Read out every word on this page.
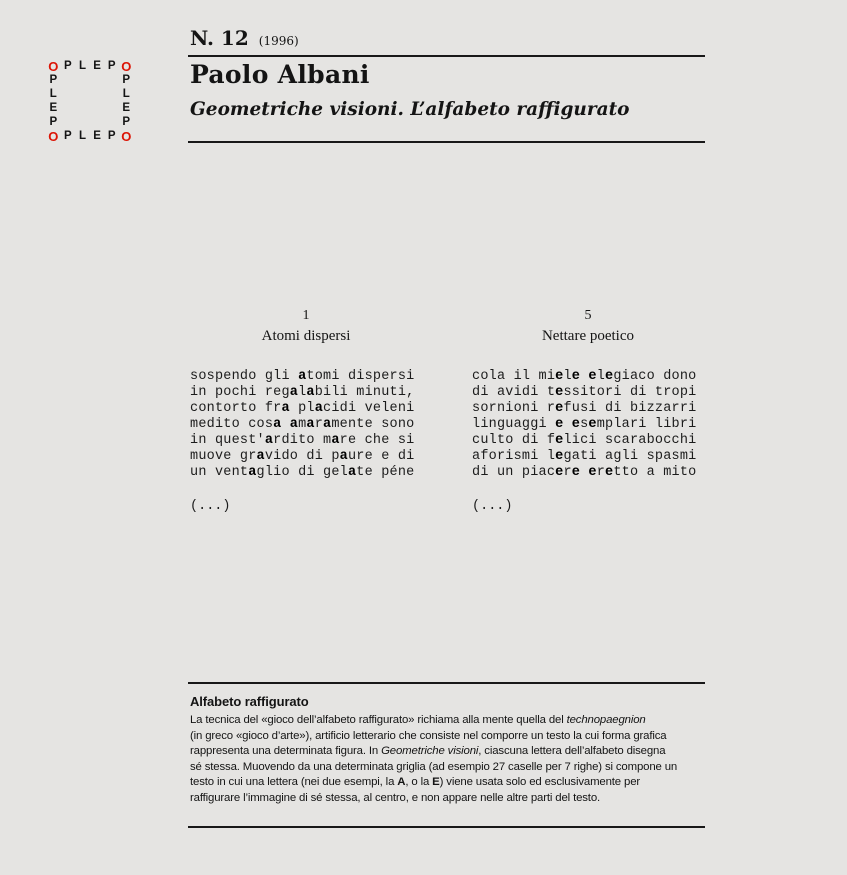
O P L E P O
P	P
L	L
E	E
P	P
O P L E P O
N. 12 (1996)
Paolo Albani
Geometriche visioni. L’alfabeto raffigurato
1
Atomi dispersi
sospendo gli atomi dispersi
in pochi regalabili minuti,
contorto fra placidi veleni
medito cosa amaramente sono
in quest'ardito mare che si
muove gravido di paure e di
un ventaglio di gelate péne
(...)
5
Nettare poetico
cola il miele elegiaco dono
di avidi tessitori di tropi
sornioni refusi di bizzarri
linguaggi e esemplari libri
culto di felici scarabocchi
aforismi legati agli spasmi
di un piacere eretto a mito
(...)
Alfabeto raffigurato
La tecnica del «gioco dell’alfabeto raffigurato» richiama alla mente quella del technopaegnion
(in greco «gioco d’arte»), artificio letterario che consiste nel comporre un testo la cui forma grafica
rappresenta una determinata figura. In Geometriche visioni, ciascuna lettera dell’alfabeto disegna
sé stessa. Muovendo da una determinata griglia (ad esempio 27 caselle per 7 righe) si compone un
testo in cui una lettera (nei due esempi, la A, o la E) viene usata solo ed esclusivamente per
raffigurare l’immagine di sé stessa, al centro, e non appare nelle altre parti del testo.
